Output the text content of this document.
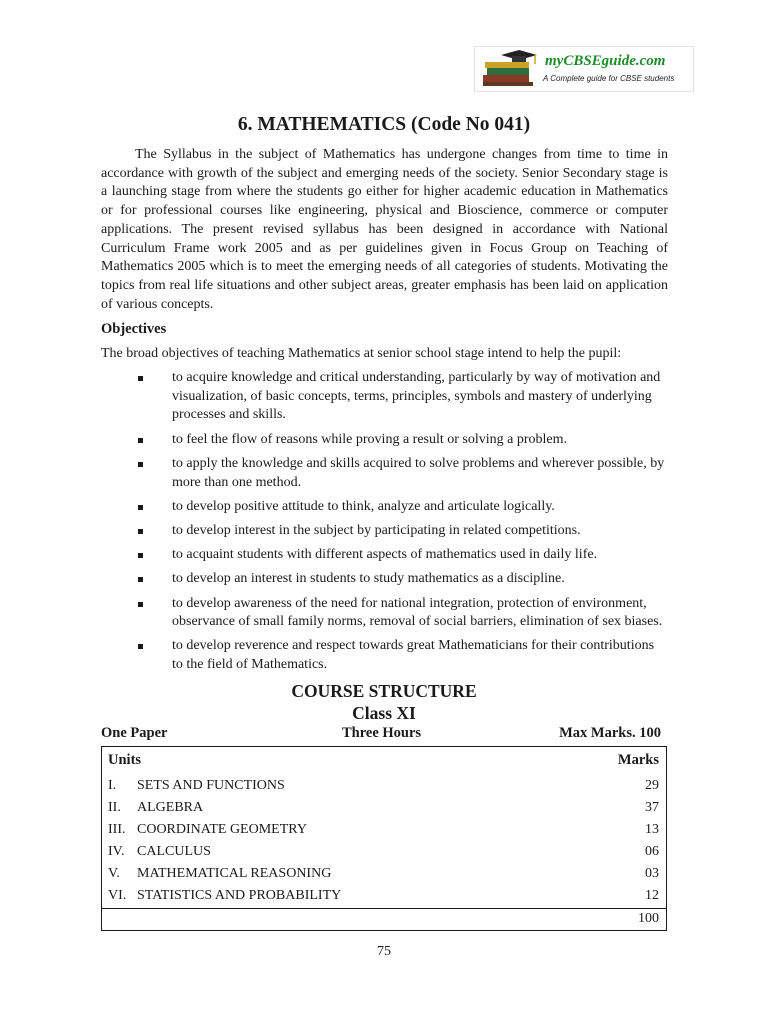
myCBSEguide.com
A Complete guide for CBSE students
6. MATHEMATICS (Code No 041)

The Syllabus in the subject of Mathematics has undergone changes from time to time in accordance with growth of the subject and emerging needs of the society. Senior Secondary stage is a launching stage from where the students go either for higher academic education in Mathematics or for professional courses like engineering, physical and Bioscience, commerce or computer applications. The present revised syllabus has been designed in accordance with National Curriculum Frame work 2005 and as per guidelines given in Focus Group on Teaching of Mathematics 2005 which is to meet the emerging needs of all categories of students. Motivating the topics from real life situations and other subject areas, greater emphasis has been laid on application of various concepts.

Objectives

The broad objectives of teaching Mathematics at senior school stage intend to help the pupil:

to acquire knowledge and critical understanding, particularly by way of motivation and visualization, of basic concepts, terms, principles, symbols and mastery of underlying processes and skills.
to feel the flow of reasons while proving a result or solving a problem.
to apply the knowledge and skills acquired to solve problems and wherever possible, by more than one method.
to develop positive attitude to think, analyze and articulate logically.
to develop interest in the subject by participating in related competitions.
to acquaint students with different aspects of mathematics used in daily life.
to develop an interest in students to study mathematics as a discipline.
to develop awareness of the need for national integration, protection of environment, observance of small family norms, removal of social barriers, elimination of sex biases.
to develop reverence and respect towards great Mathematicians for their contributions to the field of Mathematics.
COURSE STRUCTURE
Class XI
One Paper	Three Hours	Max Marks. 100
Units	Marks
I. SETS AND FUNCTIONS	29
II. ALGEBRA	37
III. COORDINATE GEOMETRY	13
IV. CALCULUS	06
V. MATHEMATICAL REASONING	03
VI. STATISTICS AND PROBABILITY	12
100

75
